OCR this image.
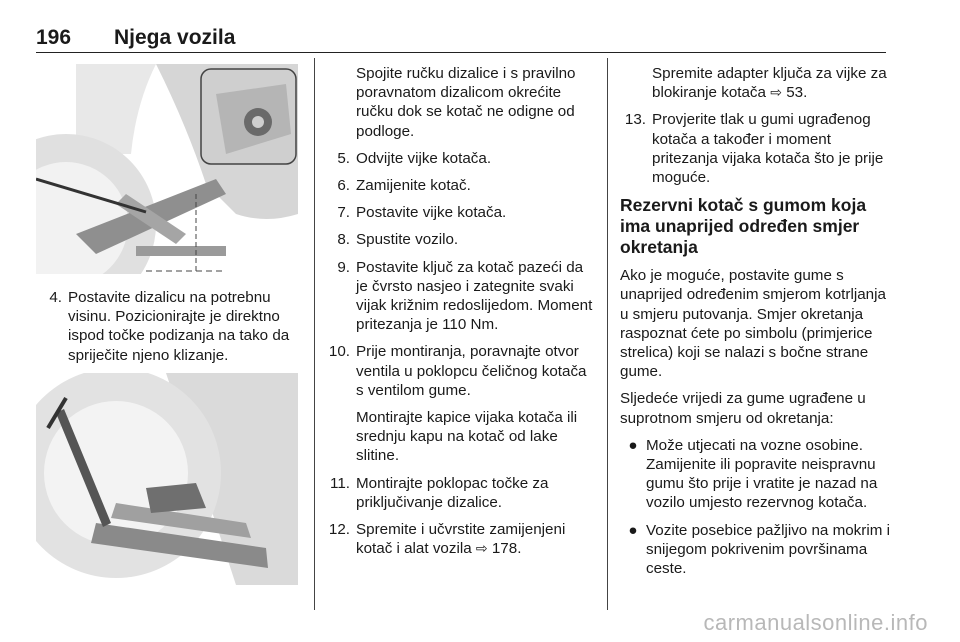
196 Njega vozila
4. Postavite dizalicu na potrebnu visinu. Pozicionirajte je direktno ispod točke podizanja na tako da spriječite njeno klizanje.

Spojite ručku dizalice i s pravilno poravnatom dizalicom okrećite ručku dok se kotač ne odigne od podloge.

5. Odvijte vijke kotača.
6. Zamijenite kotač.
7. Postavite vijke kotača.
8. Spustite vozilo.
9. Postavite ključ za kotač pazeći da je čvrsto nasjeo i zategnite svaki vijak križnim redoslijedom. Moment pritezanja je 110 Nm.
10. Prije montiranja, poravnajte otvor ventila u poklopcu čeličnog kotača s ventilom gume.

Montirajte kapice vijaka kotača ili srednju kapu na kotač od lake slitine.

11. Montirajte poklopac točke za priključivanje dizalice.
12. Spremite i učvrstite zamijenjeni kotač i alat vozila ⇨ 178.

Spremite adapter ključa za vijke za blokiranje kotača ⇨ 53.

13. Provjerite tlak u gumi ugrađenog kotača a također i moment pritezanja vijaka kotača što je prije moguće.
Rezervni kotač s gumom koja ima unaprijed određen smjer okretanja

Ako je moguće, postavite gume s unaprijed određenim smjerom kotrljanja u smjeru putovanja. Smjer okretanja raspoznat ćete po simbolu (primjerice strelica) koji se nalazi s bočne strane gume.

Sljedeće vrijedi za gume ugrađene u suprotnom smjeru od okretanja:

● Može utjecati na vozne osobine. Zamijenite ili popravite neispravnu gumu što prije i vratite je nazad na vozilo umjesto rezervnog kotača.
● Vozite posebice pažljivo na mokrim i snijegom pokrivenim površinama ceste.
carmanualsonline.info
